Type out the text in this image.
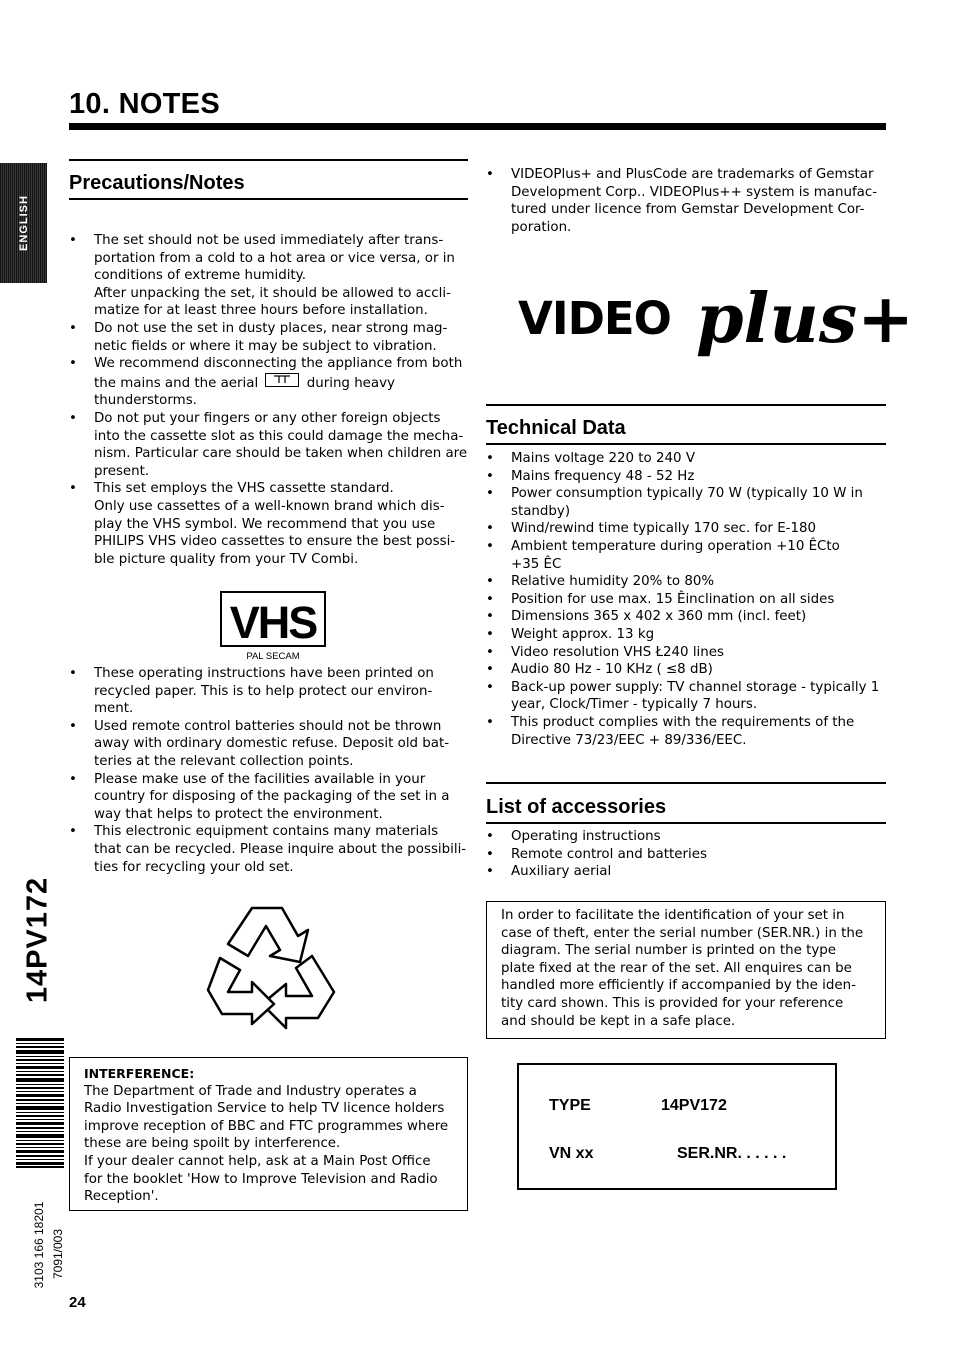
10. NOTES
ENGLISH
14PV172
3103 166 18201 7091/003
24
Precautions/Notes
• The set should not be used immediately after trans-portation from a cold to a hot area or vice versa, or in conditions of extreme humidity.
After unpacking the set, it should be allowed to accli-matize for at least three hours before installation.
• Do not use the set in dusty places, near strong mag-netic fields or where it may be subject to vibration.
• We recommend disconnecting the appliance from both the mains and the aerial	during heavy thunderstorms.
• Do not put your fingers or any other foreign objects into the cassette slot as this could damage the mecha-nism. Particular care should be taken when children are present.
• This set employs the VHS cassette standard.
Only use cassettes of a well-known brand which dis-play the VHS symbol. We recommend that you use PHILIPS VHS video cassettes to ensure the best possi-ble picture quality from your TV Combi.
VHS
PAL SECAM
• These operating instructions have been printed on recycled paper. This is to help protect our environ-ment.
• Used remote control batteries should not be thrown away with ordinary domestic refuse. Deposit old bat-teries at the relevant collection points.
• Please make use of the facilities available in your country for disposing of the packaging of the set in a way that helps to protect the environment.
• This electronic equipment contains many materials that can be recycled. Please inquire about the possibili-ties for recycling your old set.
INTERFERENCE:
The Department of Trade and Industry operates a Radio Investigation Service to help TV licence holders improve reception of BBC and FTC programmes where these are being spoilt by interference.
If your dealer cannot help, ask at a Main Post Office for the booklet 'How to Improve Television and Radio Reception'.
• VIDEOPlus+ and PlusCode are trademarks of Gemstar Development Corp.. VIDEOPlus++ system is manufac-tured under licence from Gemstar Development Cor-poration.
VIDEO plus+
Technical Data
• Mains voltage 220 to 240 V
• Mains frequency 48 - 52 Hz
• Power consumption typically 70 W (typically 10 W in standby)
• Wind/rewind time typically 170 sec. for E-180
• Ambient temperature during operation +10 ÊCto +35 ÊC
• Relative humidity 20% to 80%
• Position for use max. 15 Êinclination on all sides
• Dimensions 365 x 402 x 360 mm (incl. feet)
• Weight approx. 13 kg
• Video resolution VHS Ł240 lines
• Audio 80 Hz - 10 KHz ( ≤8 dB)
• Back-up power supply: TV channel storage - typically 1 year, Clock/Timer - typically 7 hours.
• This product complies with the requirements of the Directive 73/23/EEC + 89/336/EEC.
List of accessories
• Operating instructions
• Remote control and batteries
• Auxiliary aerial
In order to facilitate the identification of your set in case of theft, enter the serial number (SER.NR.) in the diagram. The serial number is printed on the type plate fixed at the rear of the set. All enquires can be handled more efficiently if accompanied by the iden-tity card shown. This is provided for your reference and should be kept in a safe place.
TYPE	14PV172
VN xx	SER.NR. . . . . .
